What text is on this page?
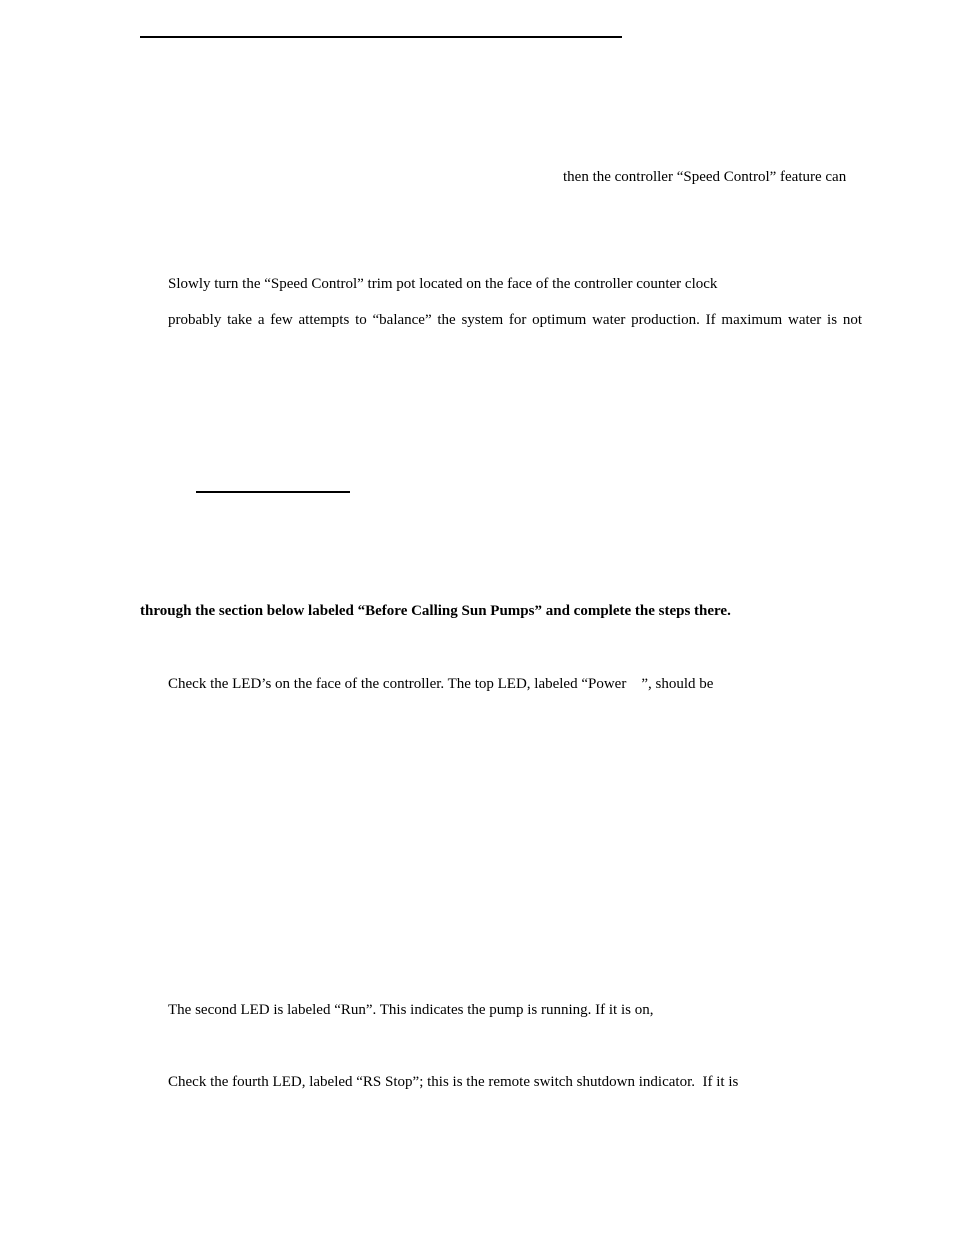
then the controller “Speed Control” feature can
Slowly turn the “Speed Control” trim pot located on the face of the controller counter clock
probably take a few attempts to “balance” the system for optimum water production. If maximum water is not
through the section below labeled “Before Calling Sun Pumps” and complete the steps there.
Check the LED’s on the face of the controller. The top LED, labeled “Power    ”, should be
The second LED is labeled “Run”. This indicates the pump is running. If it is on,
Check the fourth LED, labeled “RS Stop”; this is the remote switch shutdown indicator.  If it is
